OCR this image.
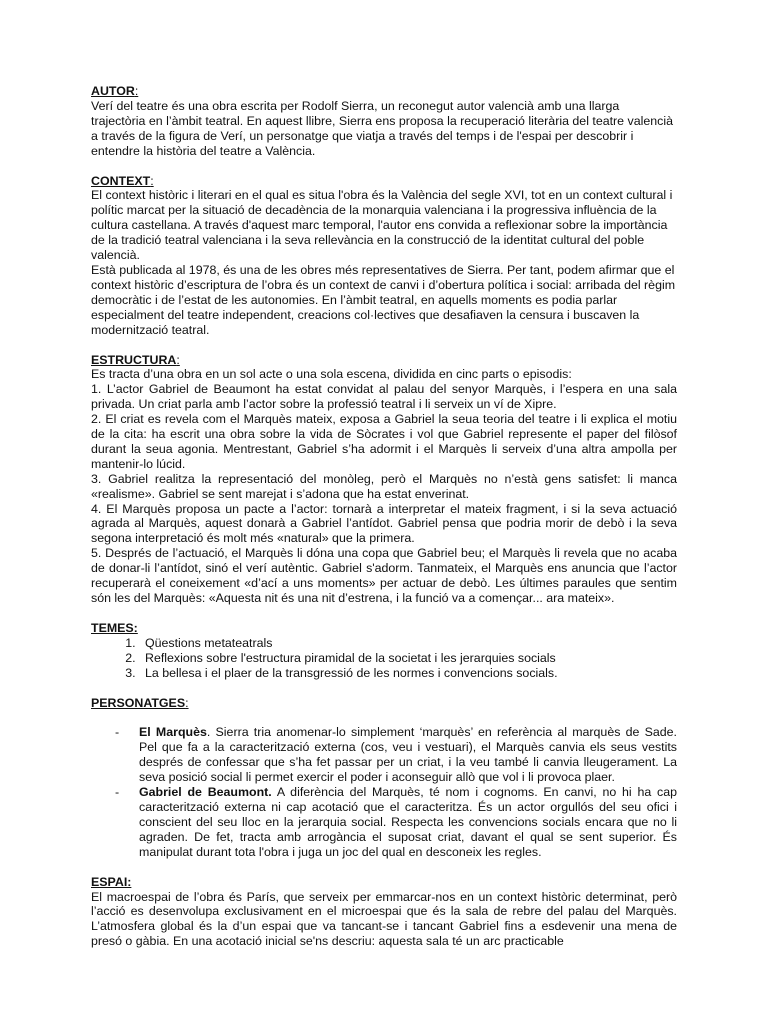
AUTOR:

Verí del teatre és una obra escrita per Rodolf Sierra, un reconegut autor valencià amb una llarga trajectòria en l’àmbit teatral. En aquest llibre, Sierra ens proposa la recuperació literària del teatre valencià a través de la figura de Verí, un personatge que viatja a través del temps i de l'espai per descobrir i entendre la història del teatre a València.

CONTEXT:

El context històric i literari en el qual es situa l'obra és la València del segle XVI, tot en un context cultural i polític marcat per la situació de decadència de la monarquia valenciana i la progressiva influència de la cultura castellana. A través d'aquest marc temporal, l'autor ens convida a reflexionar sobre la importància de la tradició teatral valenciana i la seva rellevància en la construcció de la identitat cultural del poble valencià.

Està publicada al 1978, és una de les obres més representatives de Sierra. Per tant, podem afirmar que el context històric d’escriptura de l’obra és un context de canvi i d’obertura política i social: arribada del règim democràtic i de l’estat de les autonomies. En l’àmbit teatral, en aquells moments es podia parlar especialment del teatre independent, creacions col·lectives que desafiaven la censura i buscaven la modernització teatral.

ESTRUCTURA:

Es tracta d’una obra en un sol acte o una sola escena, dividida en cinc parts o episodis:

1. L’actor Gabriel de Beaumont ha estat convidat al palau del senyor Marquès, i l’espera en una sala privada. Un criat parla amb l’actor sobre la professió teatral i li serveix un ví de Xipre.

2. El criat es revela com el Marquès mateix, exposa a Gabriel la seua teoria del teatre i li explica el motiu de la cita: ha escrit una obra sobre la vida de Sòcrates i vol que Gabriel represente el paper del filòsof durant la seua agonia. Mentrestant, Gabriel s’ha adormit i el Marquès li serveix d’una altra ampolla per mantenir-lo lúcid.

3. Gabriel realitza la representació del monòleg, però el Marquès no n’està gens satisfet: li manca «realisme». Gabriel se sent marejat i s’adona que ha estat enverinat.

4. El Marquès proposa un pacte a l’actor: tornarà a interpretar el mateix fragment, i si la seva actuació agrada al Marquès, aquest donarà a Gabriel l’antídot. Gabriel pensa que podria morir de debò i la seva segona interpretació és molt més «natural» que la primera.

5. Després de l’actuació, el Marquès li dóna una copa que Gabriel beu; el Marquès li revela que no acaba de donar-li l’antídot, sinó el verí autèntic. Gabriel s'adorm. Tanmateix, el Marquès ens anuncia que l’actor recuperarà el coneixement «d’ací a uns moments» per actuar de debò. Les últimes paraules que sentim són les del Marquès: «Aquesta nit és una nit d’estrena, i la funció va a començar... ara mateix».

TEMES:

1. Qüestions metateatrals
2. Reflexions sobre l'estructura piramidal de la societat i les jerarquies socials
3. La bellesa i el plaer de la transgressió de les normes i convencions socials.

PERSONATGES:

- El Marquès. Sierra tria anomenar-lo simplement ‘marquès’ en referència al marquès de Sade. Pel que fa a la caracterització externa (cos, veu i vestuari), el Marquès canvia els seus vestits després de confessar que s’ha fet passar per un criat, i la veu també li canvia lleugerament. La seva posició social li permet exercir el poder i aconseguir allò que vol i li provoca plaer.
- Gabriel de Beaumont. A diferència del Marquès, té nom i cognoms. En canvi, no hi ha cap caracterització externa ni cap acotació que el caracteritza. És un actor orgullós del seu ofici i conscient del seu lloc en la jerarquia social. Respecta les convencions socials encara que no li agraden. De fet, tracta amb arrogància el suposat criat, davant el qual se sent superior. És manipulat durant tota l'obra i juga un joc del qual en desconeix les regles.

ESPAI:

El macroespai de l’obra és París, que serveix per emmarcar-nos en un context històric determinat, però l’acció es desenvolupa exclusivament en el microespai que és la sala de rebre del palau del Marquès. L’atmosfera global és la d’un espai que va tancant-se i tancant Gabriel fins a esdevenir una mena de presó o gàbia. En una acotació inicial se'ns descriu: aquesta sala té un arc practicable
